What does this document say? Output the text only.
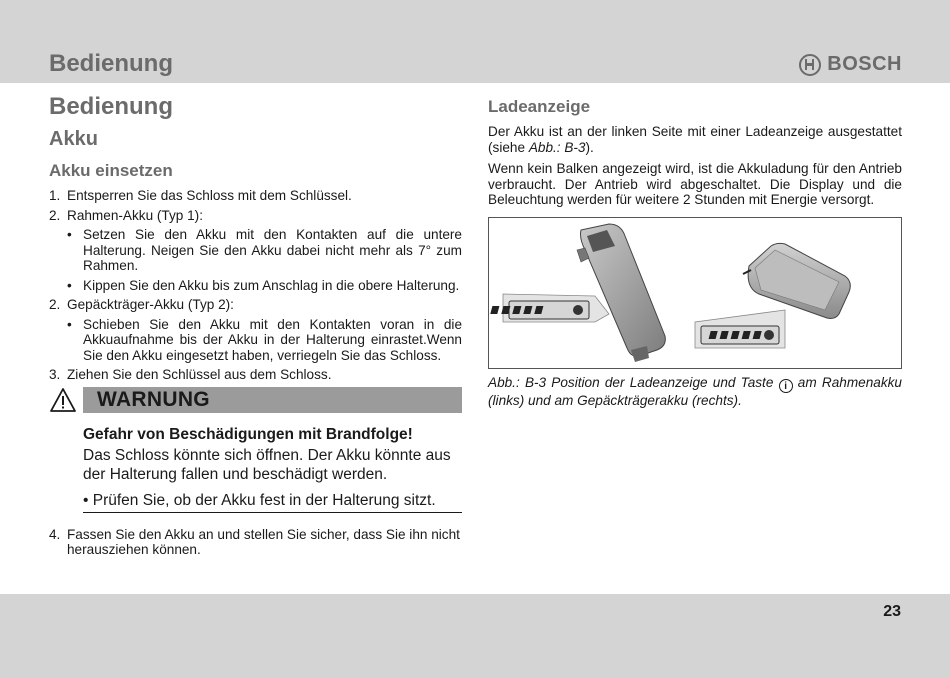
Bedienung	BOSCH
Bedienung
Akku
Akku einsetzen
1. Entsperren Sie das Schloss mit dem Schlüssel.
2. Rahmen-Akku (Typ 1):
• Setzen Sie den Akku mit den Kontakten auf die untere Halterung. Neigen Sie den Akku dabei nicht mehr als 7° zum Rahmen.
• Kippen Sie den Akku bis zum Anschlag in die obere Halterung.
2. Gepäckträger-Akku (Typ 2):
• Schieben Sie den Akku mit den Kontakten voran in die Akkuaufnahme bis der Akku in der Halterung einrastet.Wenn Sie den Akku eingesetzt haben, verriegeln Sie das Schloss.
3. Ziehen Sie den Schlüssel aus dem Schloss.
WARNUNG

Gefahr von Beschädigungen mit Brandfolge!

Das Schloss könnte sich öffnen. Der Akku könnte aus der Halterung fallen und beschädigt werden.

• Prüfen Sie, ob der Akku fest in der Halterung sitzt.

4. Fassen Sie den Akku an und stellen Sie sicher, dass Sie ihn nicht herausziehen können.
Ladeanzeige

Der Akku ist an der linken Seite mit einer Ladeanzeige ausgestattet (siehe Abb.: B-3).

Wenn kein Balken angezeigt wird, ist die Akkuladung für den Antrieb verbraucht. Der Antrieb wird abgeschaltet. Die Display und die Beleuchtung werden für weitere 2 Stunden mit Energie versorgt.

Abb.: B-3 Position der Ladeanzeige und Taste i am Rahmenakku (links) und am Gepäckträgerakku (rechts).

23
